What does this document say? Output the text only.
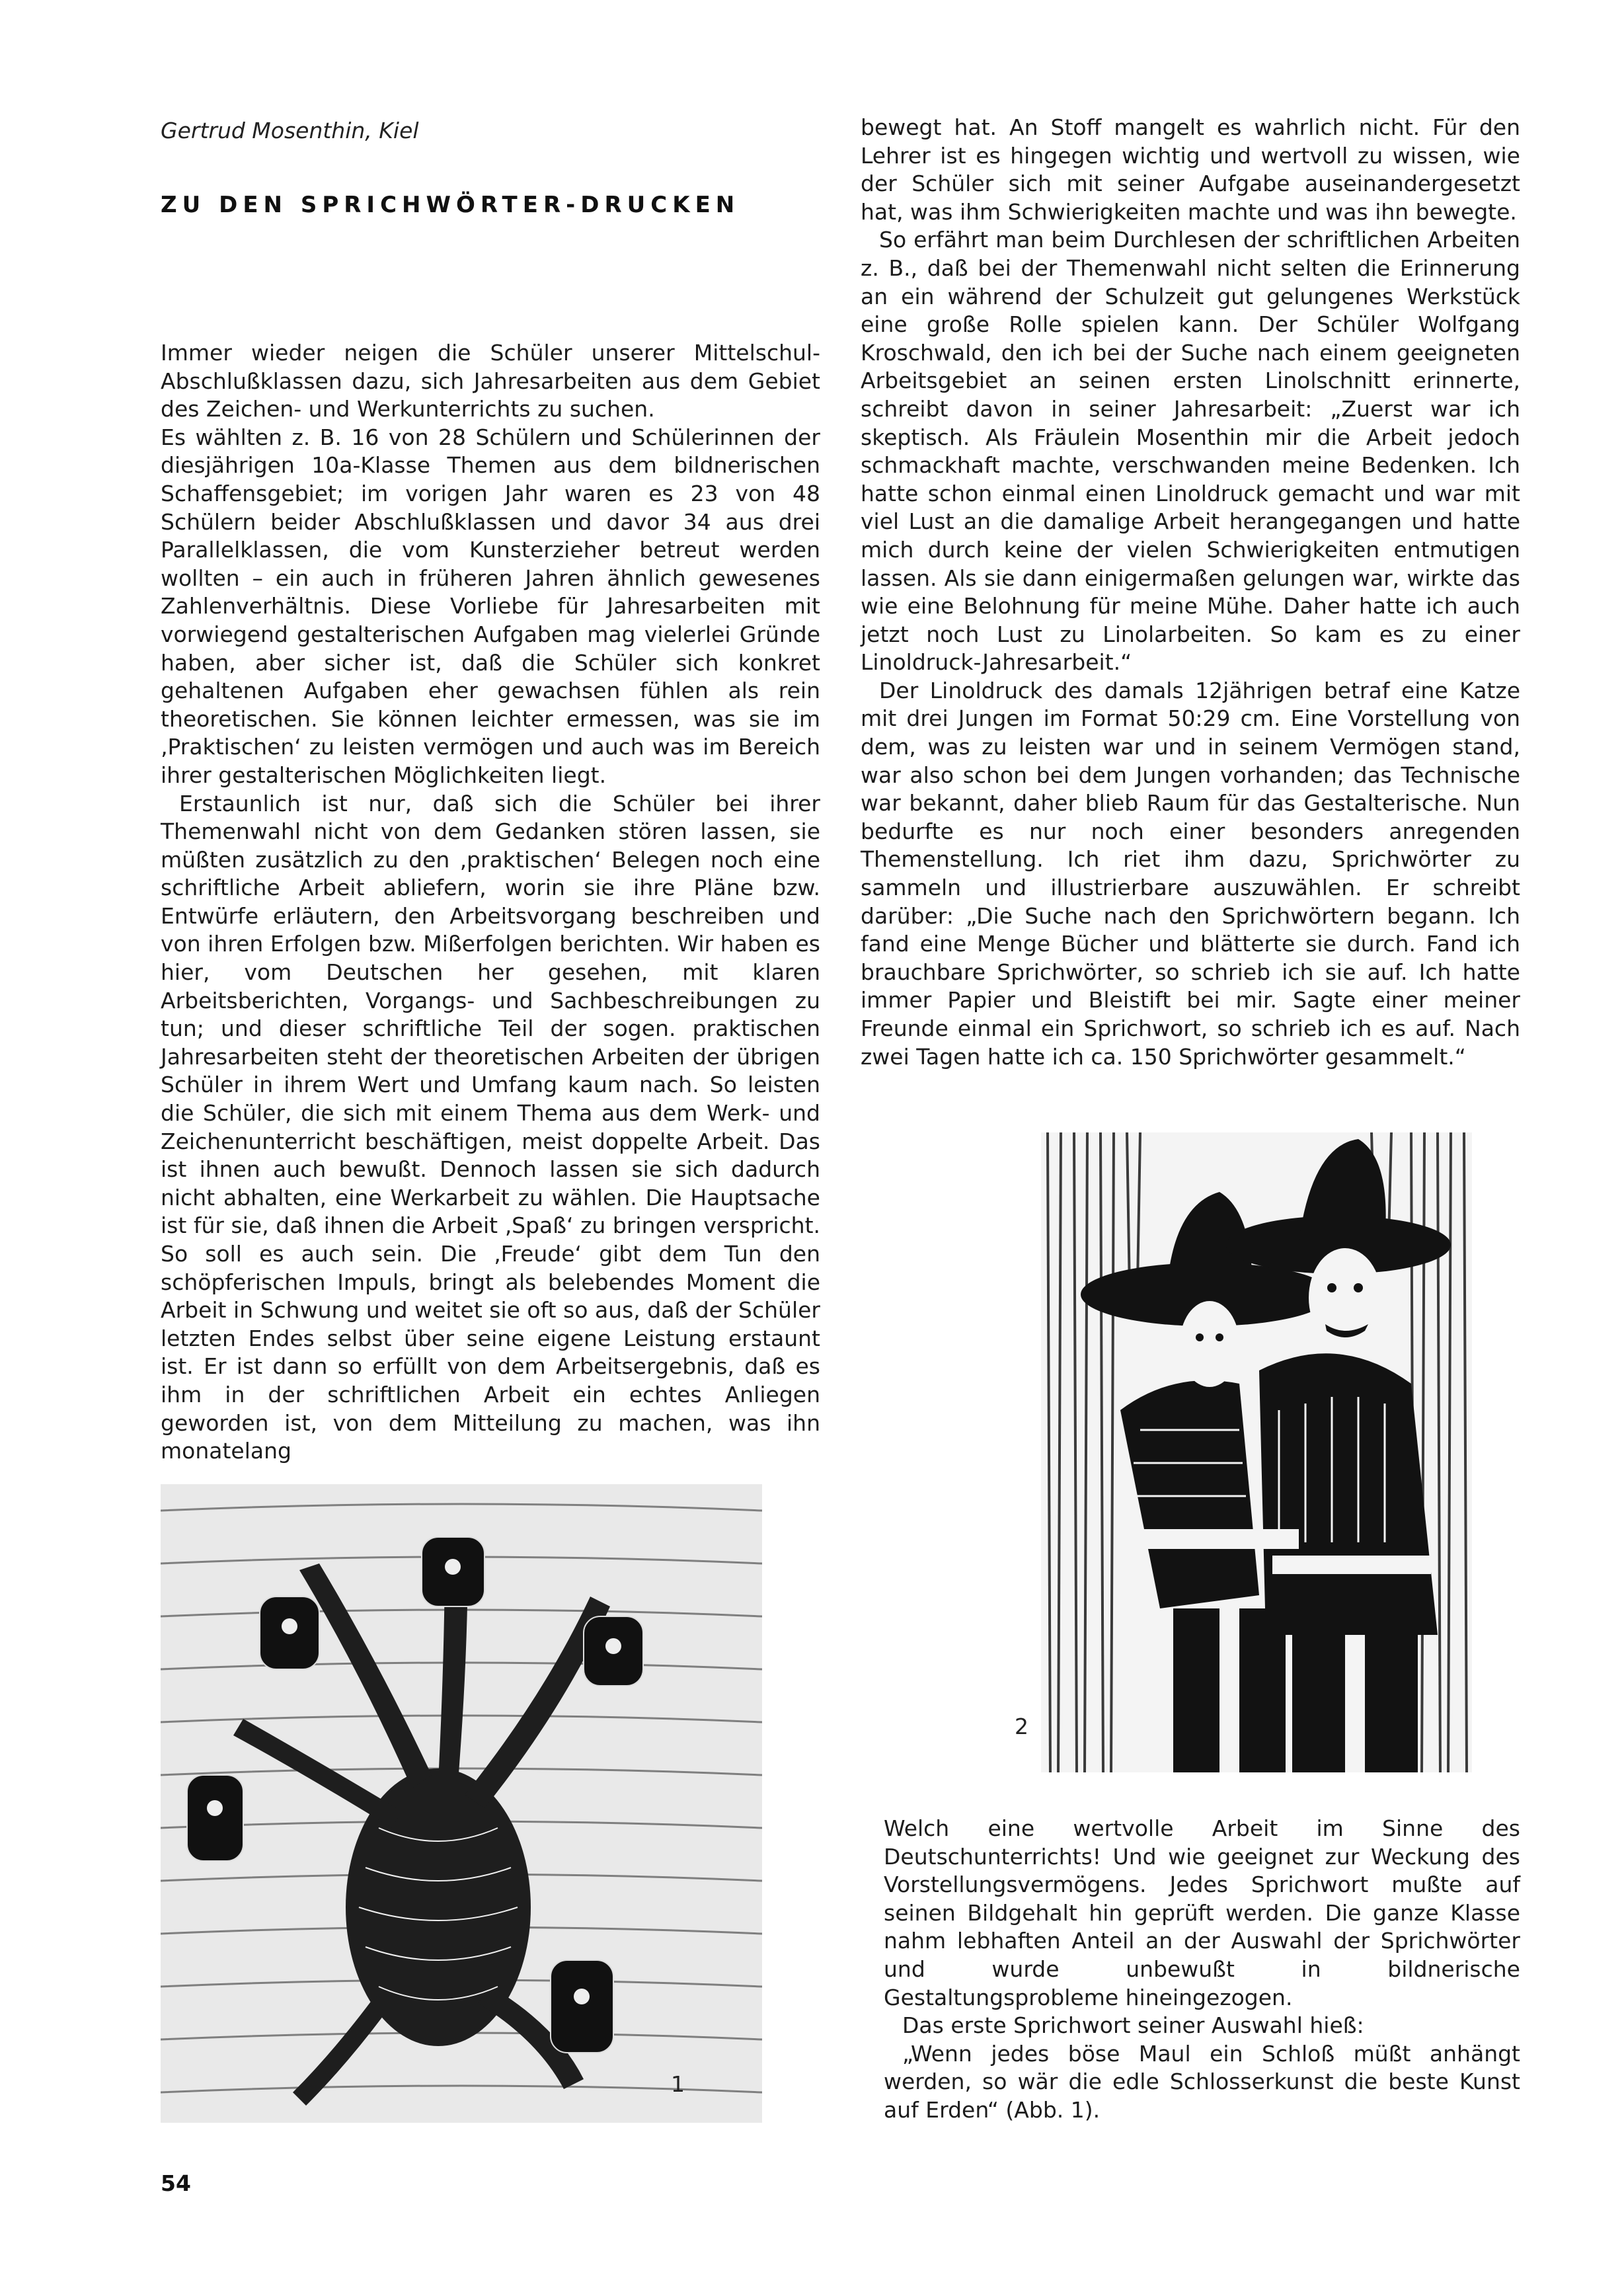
Gertrud Mosenthin, Kiel
ZU DEN SPRICHWÖRTER-DRUCKEN

Immer wieder neigen die Schüler unserer Mittelschul-Abschlußklassen dazu, sich Jahresarbeiten aus dem Gebiet des Zeichen- und Werkunterrichts zu suchen.

Es wählten z. B. 16 von 28 Schülern und Schülerinnen der diesjährigen 10a-Klasse Themen aus dem bildnerischen Schaffensgebiet; im vorigen Jahr waren es 23 von 48 Schülern beider Abschlußklassen und davor 34 aus drei Parallelklassen, die vom Kunsterzieher betreut werden wollten – ein auch in früheren Jahren ähnlich gewesenes Zahlenverhältnis. Diese Vorliebe für Jahresarbeiten mit vorwiegend gestalterischen Aufgaben mag vielerlei Gründe haben, aber sicher ist, daß die Schüler sich konkret gehaltenen Aufgaben eher gewachsen fühlen als rein theoretischen. Sie können leichter ermessen, was sie im ‚Praktischen‘ zu leisten vermögen und auch was im Bereich ihrer gestalterischen Möglichkeiten liegt.

Erstaunlich ist nur, daß sich die Schüler bei ihrer Themenwahl nicht von dem Gedanken stören lassen, sie müßten zusätzlich zu den ‚praktischen‘ Belegen noch eine schriftliche Arbeit abliefern, worin sie ihre Pläne bzw. Entwürfe erläutern, den Arbeitsvorgang beschreiben und von ihren Erfolgen bzw. Mißerfolgen berichten. Wir haben es hier, vom Deutschen her gesehen, mit klaren Arbeitsberichten, Vorgangs- und Sachbeschreibungen zu tun; und dieser schriftliche Teil der sogen. praktischen Jahresarbeiten steht der theoretischen Arbeiten der übrigen Schüler in ihrem Wert und Umfang kaum nach. So leisten die Schüler, die sich mit einem Thema aus dem Werk- und Zeichenunterricht beschäftigen, meist doppelte Arbeit. Das ist ihnen auch bewußt. Dennoch lassen sie sich dadurch nicht abhalten, eine Werkarbeit zu wählen. Die Hauptsache ist für sie, daß ihnen die Arbeit ‚Spaß‘ zu bringen verspricht. So soll es auch sein. Die ‚Freude‘ gibt dem Tun den schöpferischen Impuls, bringt als belebendes Moment die Arbeit in Schwung und weitet sie oft so aus, daß der Schüler letzten Endes selbst über seine eigene Leistung erstaunt ist. Er ist dann so erfüllt von dem Arbeitsergebnis, daß es ihm in der schriftlichen Arbeit ein echtes Anliegen geworden ist, von dem Mitteilung zu machen, was ihn monatelang

bewegt hat. An Stoff mangelt es wahrlich nicht. Für den Lehrer ist es hingegen wichtig und wertvoll zu wissen, wie der Schüler sich mit seiner Aufgabe auseinandergesetzt hat, was ihm Schwierigkeiten machte und was ihn bewegte.

So erfährt man beim Durchlesen der schriftlichen Arbeiten z. B., daß bei der Themenwahl nicht selten die Erinnerung an ein während der Schulzeit gut gelungenes Werkstück eine große Rolle spielen kann. Der Schüler Wolfgang Kroschwald, den ich bei der Suche nach einem geeigneten Arbeitsgebiet an seinen ersten Linolschnitt erinnerte, schreibt davon in seiner Jahresarbeit: „Zuerst war ich skeptisch. Als Fräulein Mosenthin mir die Arbeit jedoch schmackhaft machte, verschwanden meine Bedenken. Ich hatte schon einmal einen Linoldruck gemacht und war mit viel Lust an die damalige Arbeit herangegangen und hatte mich durch keine der vielen Schwierigkeiten entmutigen lassen. Als sie dann einigermaßen gelungen war, wirkte das wie eine Belohnung für meine Mühe. Daher hatte ich auch jetzt noch Lust zu Linolarbeiten. So kam es zu einer Linoldruck-Jahresarbeit.“

Der Linoldruck des damals 12jährigen betraf eine Katze mit drei Jungen im Format 50:29 cm. Eine Vorstellung von dem, was zu leisten war und in seinem Vermögen stand, war also schon bei dem Jungen vorhanden; das Technische war bekannt, daher blieb Raum für das Gestalterische. Nun bedurfte es nur noch einer besonders anregenden Themenstellung. Ich riet ihm dazu, Sprichwörter zu sammeln und illustrierbare auszuwählen. Er schreibt darüber: „Die Suche nach den Sprichwörtern begann. Ich fand eine Menge Bücher und blätterte sie durch. Fand ich brauchbare Sprichwörter, so schrieb ich sie auf. Ich hatte immer Papier und Bleistift bei mir. Sagte einer meiner Freunde einmal ein Sprichwort, so schrieb ich es auf. Nach zwei Tagen hatte ich ca. 150 Sprichwörter gesammelt.“

1
2

Welch eine wertvolle Arbeit im Sinne des Deutschunterrichts! Und wie geeignet zur Weckung des Vorstellungsvermögens. Jedes Sprichwort mußte auf seinen Bildgehalt hin geprüft werden. Die ganze Klasse nahm lebhaften Anteil an der Auswahl der Sprichwörter und wurde unbewußt in bildnerische Gestaltungsprobleme hineingezogen.

Das erste Sprichwort seiner Auswahl hieß:

„Wenn jedes böse Maul ein Schloß müßt anhängt werden, so wär die edle Schlosserkunst die beste Kunst auf Erden“ (Abb. 1).

54
